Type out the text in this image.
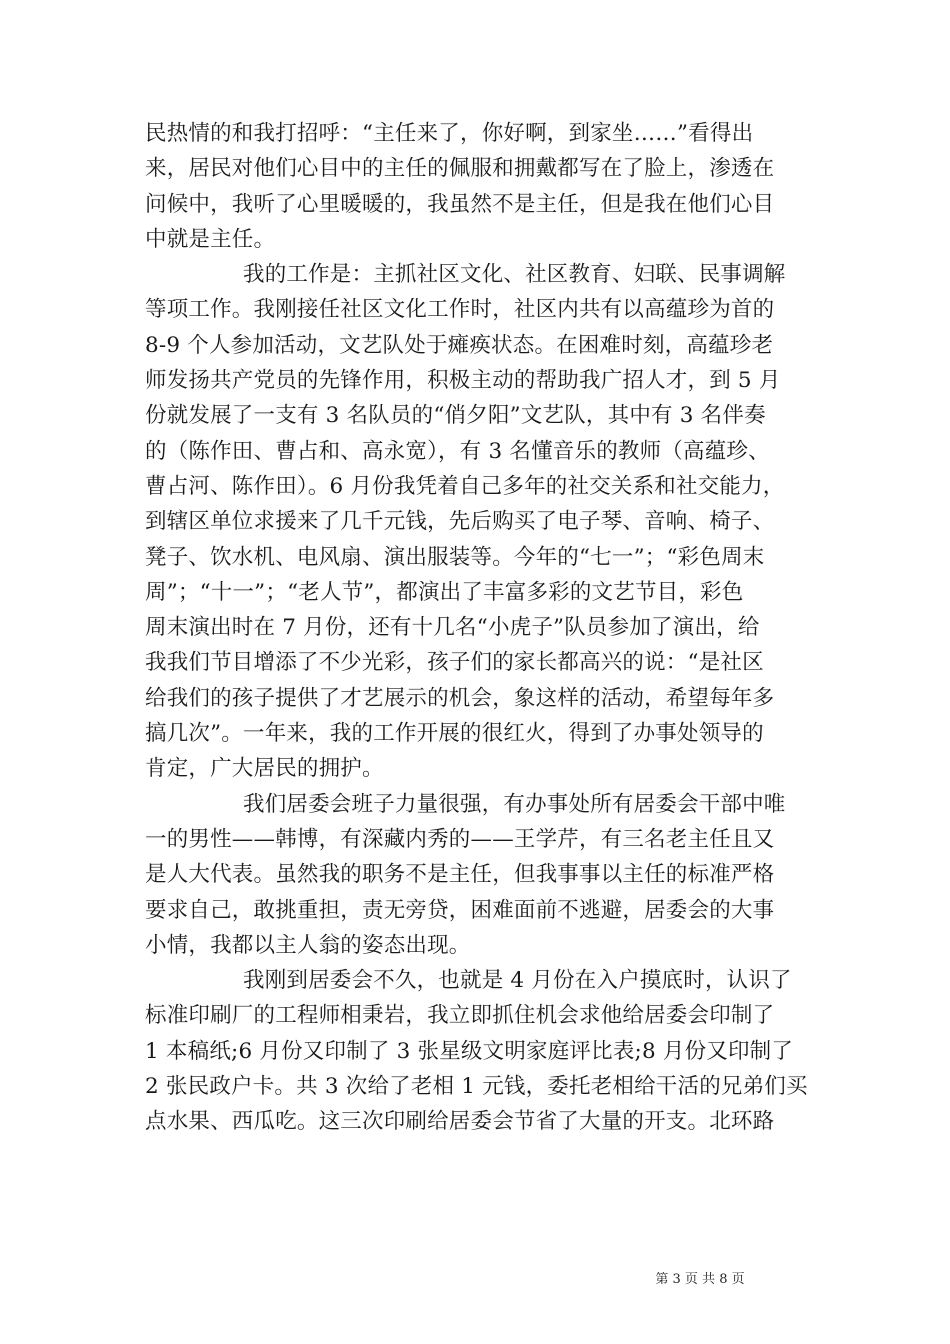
民热情的和我打招呼：“主任来了，你好啊，到家坐……”看得出
来，居民对他们心目中的主任的佩服和拥戴都写在了脸上，渗透在
问候中，我听了心里暖暖的，我虽然不是主任，但是我在他们心目
中就是主任。
我的工作是：主抓社区文化、社区教育、妇联、民事调解
等项工作。我刚接任社区文化工作时，社区内共有以高蕴珍为首的
8-9 个人参加活动，文艺队处于瘫痪状态。在困难时刻，高蕴珍老
师发扬共产党员的先锋作用，积极主动的帮助我广招人才，到 5 月
份就发展了一支有 3 名队员的“俏夕阳”文艺队，其中有 3 名伴奏
的（陈作田、曹占和、高永宽），有 3 名懂音乐的教师（高蕴珍、
曹占河、陈作田）。6 月份我凭着自己多年的社交关系和社交能力，
到辖区单位求援来了几千元钱，先后购买了电子琴、音响、椅子、
凳子、饮水机、电风扇、演出服装等。今年的“七一”；“彩色周末
周”；“十一”；“老人节”，都演出了丰富多彩的文艺节目，彩色
周末演出时在 7 月份，还有十几名“小虎子”队员参加了演出，给
我我们节目增添了不少光彩，孩子们的家长都高兴的说：“是社区
给我们的孩子提供了才艺展示的机会，象这样的活动，希望每年多
搞几次”。一年来，我的工作开展的很红火，得到了办事处领导的
肯定，广大居民的拥护。
我们居委会班子力量很强，有办事处所有居委会干部中唯
一的男性——韩博，有深藏内秀的——王学芹，有三名老主任且又
是人大代表。虽然我的职务不是主任，但我事事以主任的标准严格
要求自己，敢挑重担，责无旁贷，困难面前不逃避，居委会的大事
小情，我都以主人翁的姿态出现。
我刚到居委会不久，也就是 4 月份在入户摸底时，认识了
标准印刷厂的工程师相秉岩，我立即抓住机会求他给居委会印制了
1 本稿纸;6 月份又印制了 3 张星级文明家庭评比表;8 月份又印制了
2 张民政户卡。共 3 次给了老相 1 元钱，委托老相给干活的兄弟们买
点水果、西瓜吃。这三次印刷给居委会节省了大量的开支。北环路
第 3 页 共 8 页
